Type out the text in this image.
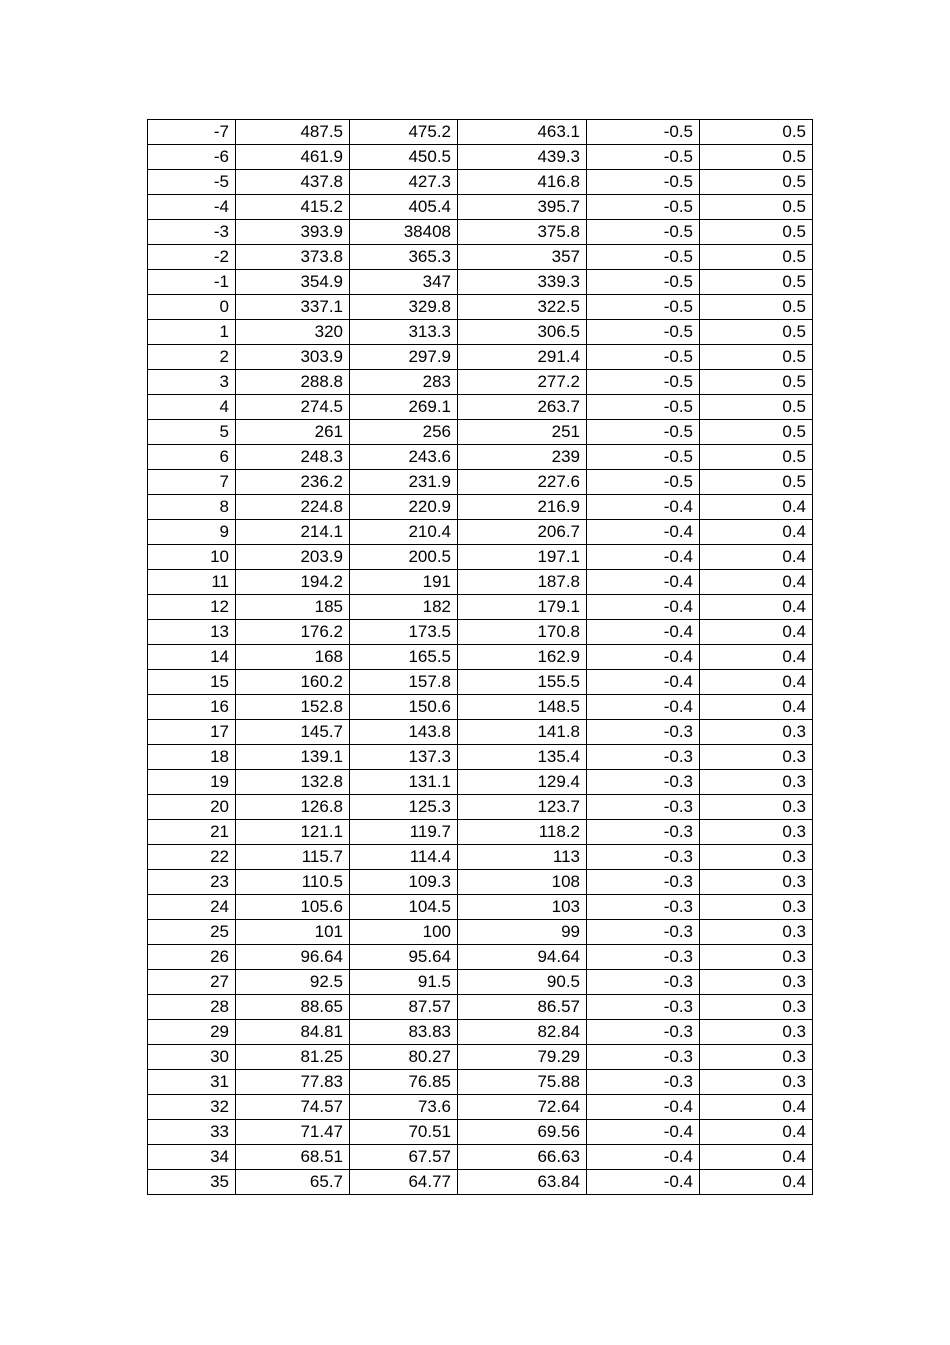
-7	487.5	475.2	463.1	-0.5	0.5
-6	461.9	450.5	439.3	-0.5	0.5
-5	437.8	427.3	416.8	-0.5	0.5
-4	415.2	405.4	395.7	-0.5	0.5
-3	393.9	38408	375.8	-0.5	0.5
-2	373.8	365.3	357	-0.5	0.5
-1	354.9	347	339.3	-0.5	0.5
0	337.1	329.8	322.5	-0.5	0.5
1	320	313.3	306.5	-0.5	0.5
2	303.9	297.9	291.4	-0.5	0.5
3	288.8	283	277.2	-0.5	0.5
4	274.5	269.1	263.7	-0.5	0.5
5	261	256	251	-0.5	0.5
6	248.3	243.6	239	-0.5	0.5
7	236.2	231.9	227.6	-0.5	0.5
8	224.8	220.9	216.9	-0.4	0.4
9	214.1	210.4	206.7	-0.4	0.4
10	203.9	200.5	197.1	-0.4	0.4
11	194.2	191	187.8	-0.4	0.4
12	185	182	179.1	-0.4	0.4
13	176.2	173.5	170.8	-0.4	0.4
14	168	165.5	162.9	-0.4	0.4
15	160.2	157.8	155.5	-0.4	0.4
16	152.8	150.6	148.5	-0.4	0.4
17	145.7	143.8	141.8	-0.3	0.3
18	139.1	137.3	135.4	-0.3	0.3
19	132.8	131.1	129.4	-0.3	0.3
20	126.8	125.3	123.7	-0.3	0.3
21	121.1	119.7	118.2	-0.3	0.3
22	115.7	114.4	113	-0.3	0.3
23	110.5	109.3	108	-0.3	0.3
24	105.6	104.5	103	-0.3	0.3
25	101	100	99	-0.3	0.3
26	96.64	95.64	94.64	-0.3	0.3
27	92.5	91.5	90.5	-0.3	0.3
28	88.65	87.57	86.57	-0.3	0.3
29	84.81	83.83	82.84	-0.3	0.3
30	81.25	80.27	79.29	-0.3	0.3
31	77.83	76.85	75.88	-0.3	0.3
32	74.57	73.6	72.64	-0.4	0.4
33	71.47	70.51	69.56	-0.4	0.4
34	68.51	67.57	66.63	-0.4	0.4
35	65.7	64.77	63.84	-0.4	0.4
